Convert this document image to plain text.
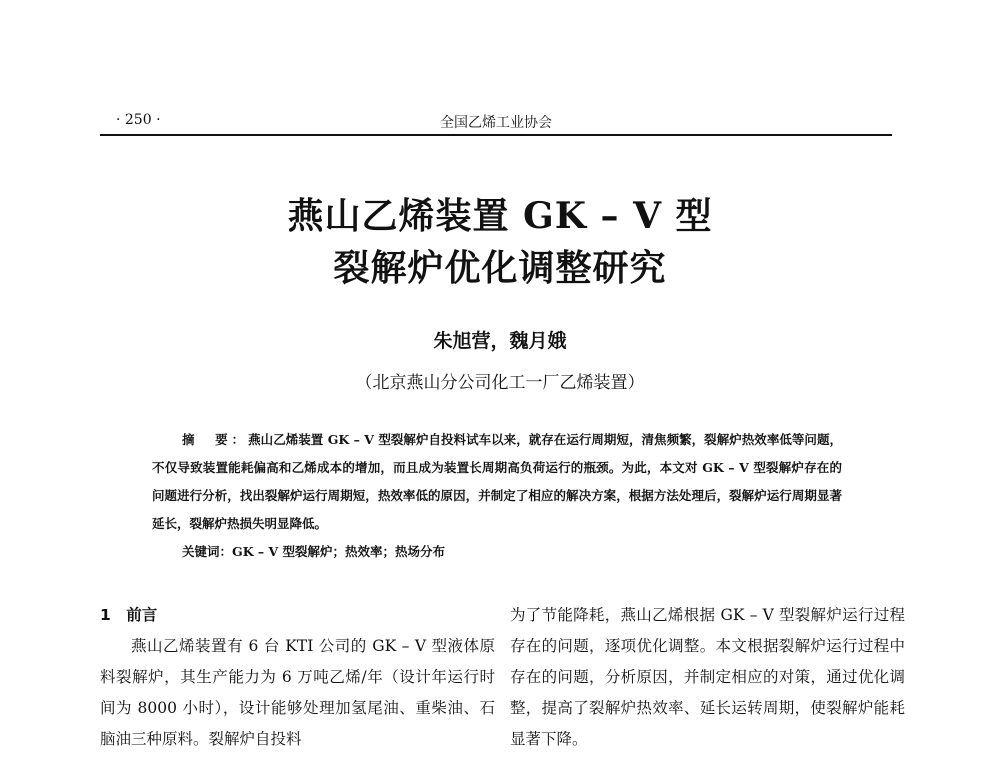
· 250 ·	全国乙烯工业协会
燕山乙烯装置 GK – V 型
裂解炉优化调整研究
朱旭营，魏月娥
（北京燕山分公司化工一厂乙烯装置）

摘　要：燕山乙烯装置 GK – V 型裂解炉自投料试车以来，就存在运行周期短，清焦频繁，裂解炉热效率低等问题，不仅导致装置能耗偏高和乙烯成本的增加，而且成为装置长周期高负荷运行的瓶颈。为此，本文对 GK – V 型裂解炉存在的问题进行分析，找出裂解炉运行周期短，热效率低的原因，并制定了相应的解决方案，根据方法处理后，裂解炉运行周期显著延长，裂解炉热损失明显降低。

关键词：GK – V 型裂解炉；热效率；热场分布

1　前言

燕山乙烯装置有 6 台 KTI 公司的 GK – V 型液体原料裂解炉，其生产能力为 6 万吨乙烯/年（设计年运行时间为 8000 小时），设计能够处理加氢尾油、重柴油、石脑油三种原料。裂解炉自投料

为了节能降耗，燕山乙烯根据 GK – V 型裂解炉运行过程存在的问题，逐项优化调整。本文根据裂解炉运行过程中存在的问题，分析原因，并制定相应的对策，通过优化调整，提高了裂解炉热效率、延长运转周期，使裂解炉能耗显著下降。
